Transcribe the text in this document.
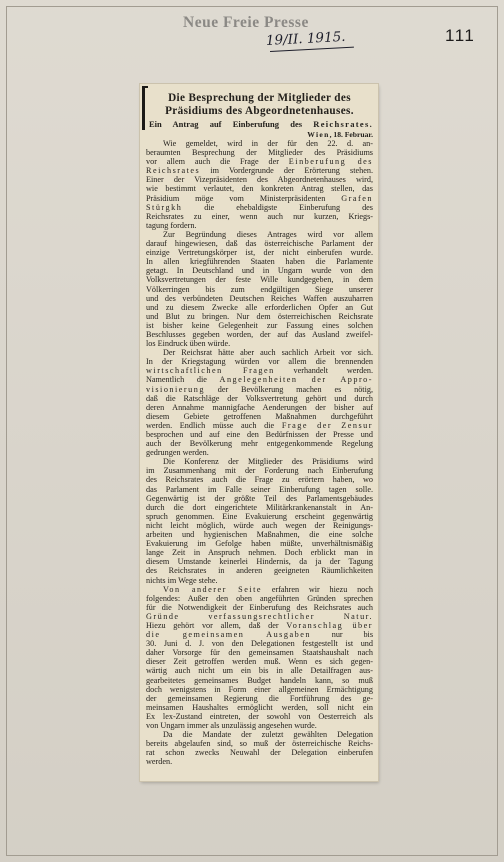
Neue Freie Presse
19/II. 1915.	111
Die Besprechung der Mitglieder des
Präsidiums des Abgeordnetenhauses.
Ein Antrag auf Einberufung des Reichsrates.
Wien, 18. Februar.
Wie gemeldet, wird in der für den 22. d. an-
beraumten Besprechung der Mitglieder des Präsidiums
vor allem auch die Frage der Einberufung des
Reichsrates im Vordergrunde der Erörterung stehen.
Einer der Vizepräsidenten des Abgeordnetenhauses wird,
wie bestimmt verlautet, den konkreten Antrag stellen, das
Präsidium möge vom Ministerpräsidenten Grafen
Stürgkh die ehebaldigste Einberufung des
Reichsrates zu einer, wenn auch nur kurzen, Kriegs-
tagung fordern.
Zur Begründung dieses Antrages wird vor allem
darauf hingewiesen, daß das österreichische Parlament der
einzige Vertretungskörper ist, der nicht einberufen wurde.
In allen kriegführenden Staaten haben die Parlamente
getagt. In Deutschland und in Ungarn wurde von den
Volksvertretungen der feste Wille kundgegeben, in dem
Völkerringen bis zum endgültigen Siege unserer
und des verbündeten Deutschen Reiches Waffen auszuharren
und zu diesem Zwecke alle erforderlichen Opfer an Gut
und Blut zu bringen. Nur dem österreichischen Reichsrate
ist bisher keine Gelegenheit zur Fassung eines solchen
Beschlusses gegeben worden, der auf das Ausland zweifel-
los Eindruck üben würde.
Der Reichsrat hätte aber auch sachlich Arbeit vor sich.
In der Kriegstagung würden vor allem die brennenden
wirtschaftlichen Fragen verhandelt werden.
Namentlich die Angelegenheiten der Appro-
visionierung der Bevölkerung machen es nötig,
daß die Ratschläge der Volksvertretung gehört und durch
deren Annahme mannigfache Aenderungen der bisher auf
diesem Gebiete getroffenen Maßnahmen durchgeführt
werden. Endlich müsse auch die Frage der Zensur
besprochen und auf eine den Bedürfnissen der Presse und
auch der Bevölkerung mehr entgegenkommende Regelung
gedrungen werden.
Die Konferenz der Mitglieder des Präsidiums wird
im Zusammenhang mit der Forderung nach Einberufung
des Reichsrates auch die Frage zu erörtern haben, wo
das Parlament im Falle seiner Einberufung tagen solle.
Gegenwärtig ist der größte Teil des Parlamentsgebäudes
durch die dort eingerichtete Militärkrankenanstalt in An-
spruch genommen. Eine Evakuierung erscheint gegenwärtig
nicht leicht möglich, würde auch wegen der Reinigungs-
arbeiten und hygienischen Maßnahmen, die eine solche
Evakuierung im Gefolge haben müßte, unverhältnismäßig
lange Zeit in Anspruch nehmen. Doch erblickt man in
diesem Umstande keinerlei Hindernis, da ja der Tagung
des Reichsrates in anderen geeigneten Räumlichkeiten
nichts im Wege stehe.
Von anderer Seite erfahren wir hiezu noch
folgendes: Außer den oben angeführten Gründen sprechen
für die Notwendigkeit der Einberufung des Reichsrates auch
Gründe verfassungsrechtlicher Natur.
Hiezu gehört vor allem, daß der Voranschlag über
die gemeinsamen Ausgaben nur bis
30. Juni d. J. von den Delegationen festgestellt ist und
daher Vorsorge für den gemeinsamen Staatshaushalt nach
dieser Zeit getroffen werden muß. Wenn es sich gegen-
wärtig auch nicht um ein bis in alle Detailfragen aus-
gearbeitetes gemeinsames Budget handeln kann, so muß
doch wenigstens in Form einer allgemeinen Ermächtigung
der gemeinsamen Regierung die Fortführung des ge-
meinsamen Haushaltes ermöglicht werden, soll nicht ein
Ex lex-Zustand eintreten, der sowohl von Oesterreich als
von Ungarn immer als unzulässig angesehen wurde.
Da die Mandate der zuletzt gewählten Delegation
bereits abgelaufen sind, so muß der österreichische Reichs-
rat schon zwecks Neuwahl der Delegation einberufen
werden.
